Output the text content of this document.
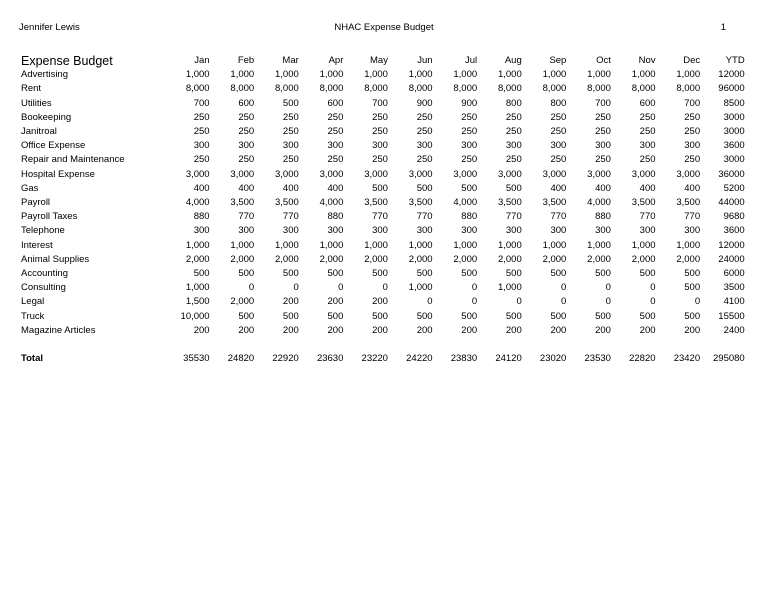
Jennifer Lewis	NHAC Expense Budget	1
Expense Budget	Jan	Feb	Mar	Apr	May	Jun	Jul	Aug	Sep	Oct	Nov	Dec	YTD
Advertising	1,000	1,000	1,000	1,000	1,000	1,000	1,000	1,000	1,000	1,000	1,000	1,000	12000
Rent	8,000	8,000	8,000	8,000	8,000	8,000	8,000	8,000	8,000	8,000	8,000	8,000	96000
Utilities	700	600	500	600	700	900	900	800	800	700	600	700	8500
Bookeeping	250	250	250	250	250	250	250	250	250	250	250	250	3000
Janitroal	250	250	250	250	250	250	250	250	250	250	250	250	3000
Office Expense	300	300	300	300	300	300	300	300	300	300	300	300	3600
Repair and Maintenance	250	250	250	250	250	250	250	250	250	250	250	250	3000
Hospital Expense	3,000	3,000	3,000	3,000	3,000	3,000	3,000	3,000	3,000	3,000	3,000	3,000	36000
Gas	400	400	400	400	500	500	500	500	400	400	400	400	5200
Payroll	4,000	3,500	3,500	4,000	3,500	3,500	4,000	3,500	3,500	4,000	3,500	3,500	44000
Payroll Taxes	880	770	770	880	770	770	880	770	770	880	770	770	9680
Telephone	300	300	300	300	300	300	300	300	300	300	300	300	3600
Interest	1,000	1,000	1,000	1,000	1,000	1,000	1,000	1,000	1,000	1,000	1,000	1,000	12000
Animal Supplies	2,000	2,000	2,000	2,000	2,000	2,000	2,000	2,000	2,000	2,000	2,000	2,000	24000
Accounting	500	500	500	500	500	500	500	500	500	500	500	500	6000
Consulting	1,000	0	0	0	0	1,000	0	1,000	0	0	0	500	3500
Legal	1,500	2,000	200	200	200	0	0	0	0	0	0	0	4100
Truck	10,000	500	500	500	500	500	500	500	500	500	500	500	15500
Magazine Articles	200	200	200	200	200	200	200	200	200	200	200	200	2400

Total	35530	24820	22920	23630	23220	24220	23830	24120	23020	23530	22820	23420	295080
